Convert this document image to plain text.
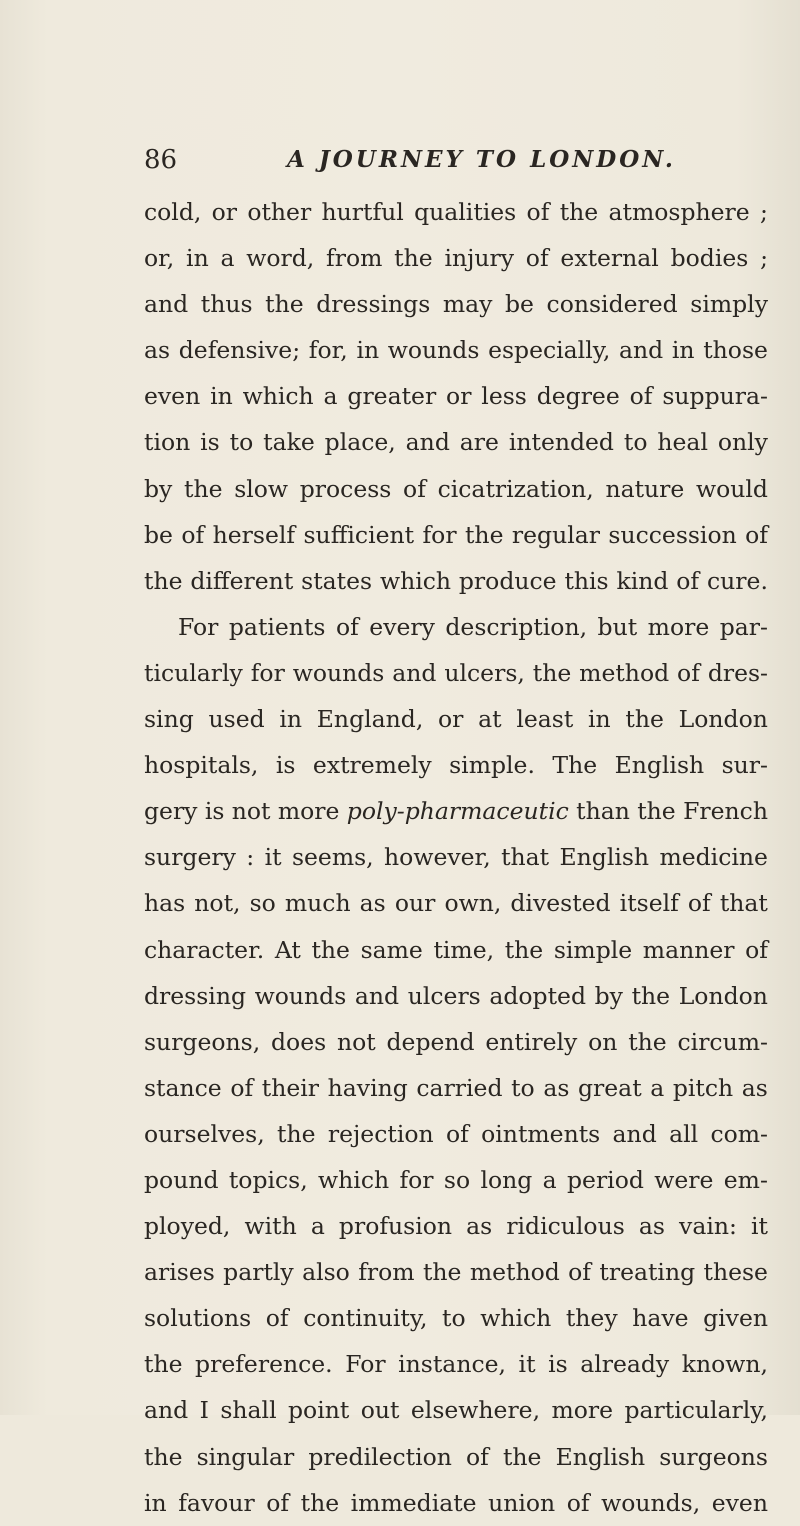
86	A JOURNEY TO LONDON.
cold, or other hurtful qualities of the atmosphere ;
or, in a word, from the injury of external bodies ;
and thus the dressings may be considered simply
as defensive; for, in wounds especially, and in those
even in which a greater or less degree of suppura-
tion is to take place, and are intended to heal only
by the slow process of cicatrization, nature would
be of herself sufficient for the regular succession of
the different states which produce this kind of cure.
For patients of every description, but more par-
ticularly for wounds and ulcers, the method of dres-
sing used in England, or at least in the London
hospitals, is extremely simple. The English sur-
gery is not more poly-pharmaceutic than the French
surgery : it seems, however, that English medicine
has not, so much as our own, divested itself of that
character. At the same time, the simple manner of
dressing wounds and ulcers adopted by the London
surgeons, does not depend entirely on the circum-
stance of their having carried to as great a pitch as
ourselves, the rejection of ointments and all com-
pound topics, which for so long a period were em-
ployed, with a profusion as ridiculous as vain: it
arises partly also from the method of treating these
solutions of continuity, to which they have given
the preference. For instance, it is already known,
and I shall point out elsewhere, more particularly,
the singular predilection of the English surgeons
in favour of the immediate union of wounds, even
